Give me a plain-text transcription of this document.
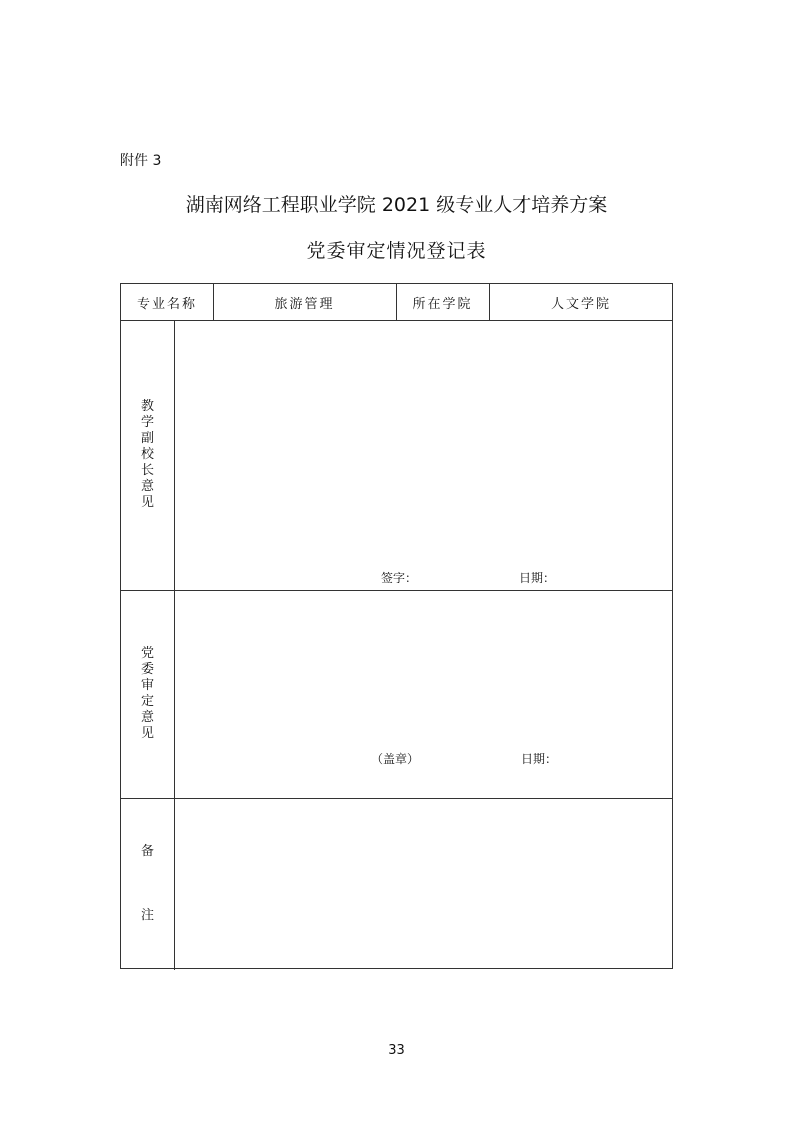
附件 3
湖南网络工程职业学院 2021 级专业人才培养方案
党委审定情况登记表
专业名称	旅游管理	所在学院	人文学院
教
学
副
校
长
意
见
签字：	日期：
党
委
审
定
意
见
（盖章）	日期：
备

注
33
